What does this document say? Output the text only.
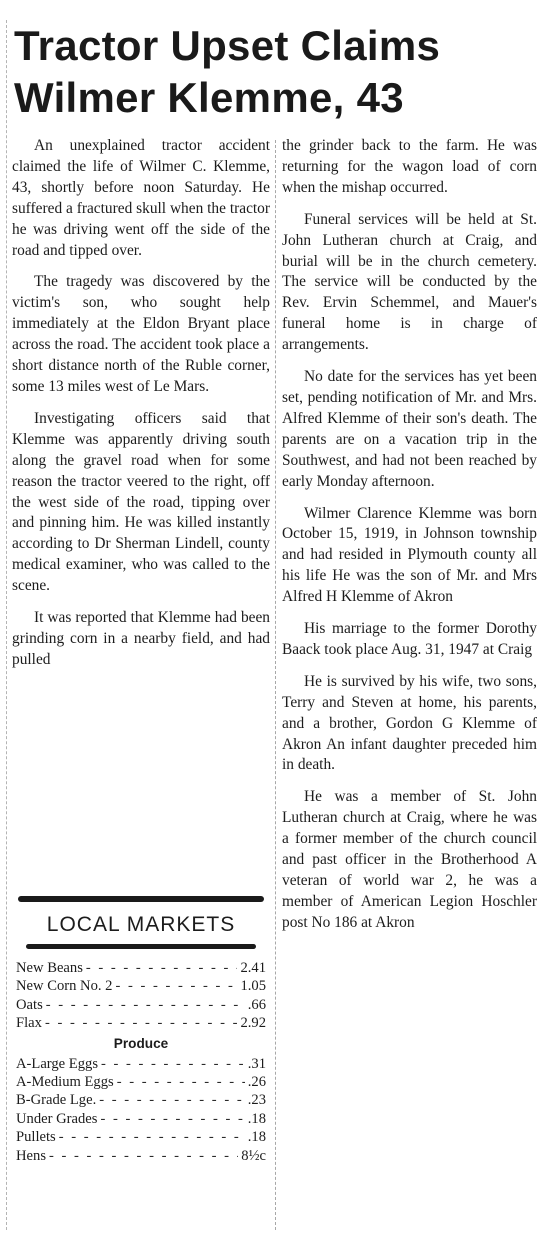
Tractor Upset Claims Wilmer Klemme, 43

An unexplained tractor accident claimed the life of Wilmer C. Klemme, 43, shortly before noon Saturday. He suffered a fractured skull when the tractor he was driving went off the side of the road and tipped over.

The tragedy was discovered by the victim's son, who sought help immediately at the Eldon Bryant place across the road. The accident took place a short distance north of the Ruble corner, some 13 miles west of Le Mars.

Investigating officers said that Klemme was apparently driving south along the gravel road when for some reason the tractor veered to the right, off the west side of the road, tipping over and pinning him. He was killed instantly according to Dr Sherman Lindell, county medical examiner, who was called to the scene.

It was reported that Klemme had been grinding corn in a nearby field, and had pulled

the grinder back to the farm. He was returning for the wagon load of corn when the mishap occurred.

Funeral services will be held at St. John Lutheran church at Craig, and burial will be in the church cemetery. The service will be conducted by the Rev. Ervin Schemmel, and Mauer's funeral home is in charge of arrangements.

No date for the services has yet been set, pending notification of Mr. and Mrs. Alfred Klemme of their son's death. The parents are on a vacation trip in the Southwest, and had not been reached by early Monday afternoon.

Wilmer Clarence Klemme was born October 15, 1919, in Johnson township and had resided in Plymouth county all his life He was the son of Mr. and Mrs Alfred H Klemme of Akron

His marriage to the former Dorothy Baack took place Aug. 31, 1947 at Craig

He is survived by his wife, two sons, Terry and Steven at home, his parents, and a brother, Gordon G Klemme of Akron An infant daughter preceded him in death.

He was a member of St. John Lutheran church at Craig, where he was a former member of the church council and past officer in the Brotherhood A veteran of world war 2, he was a member of American Legion Hoschler post No 186 at Akron

LOCAL MARKETS
New Beans - - -	2.41
New Corn No. 2 - - -	1.05
Oats - - -	.66
Flax - - -	2.92
Produce
A-Large Eggs - - -	.31
A-Medium Eggs - - -	.26
B-Grade Lge. - - -	.23
Under Grades - - -	.18
Pullets - - -	.18
Hens - - -	8½c
